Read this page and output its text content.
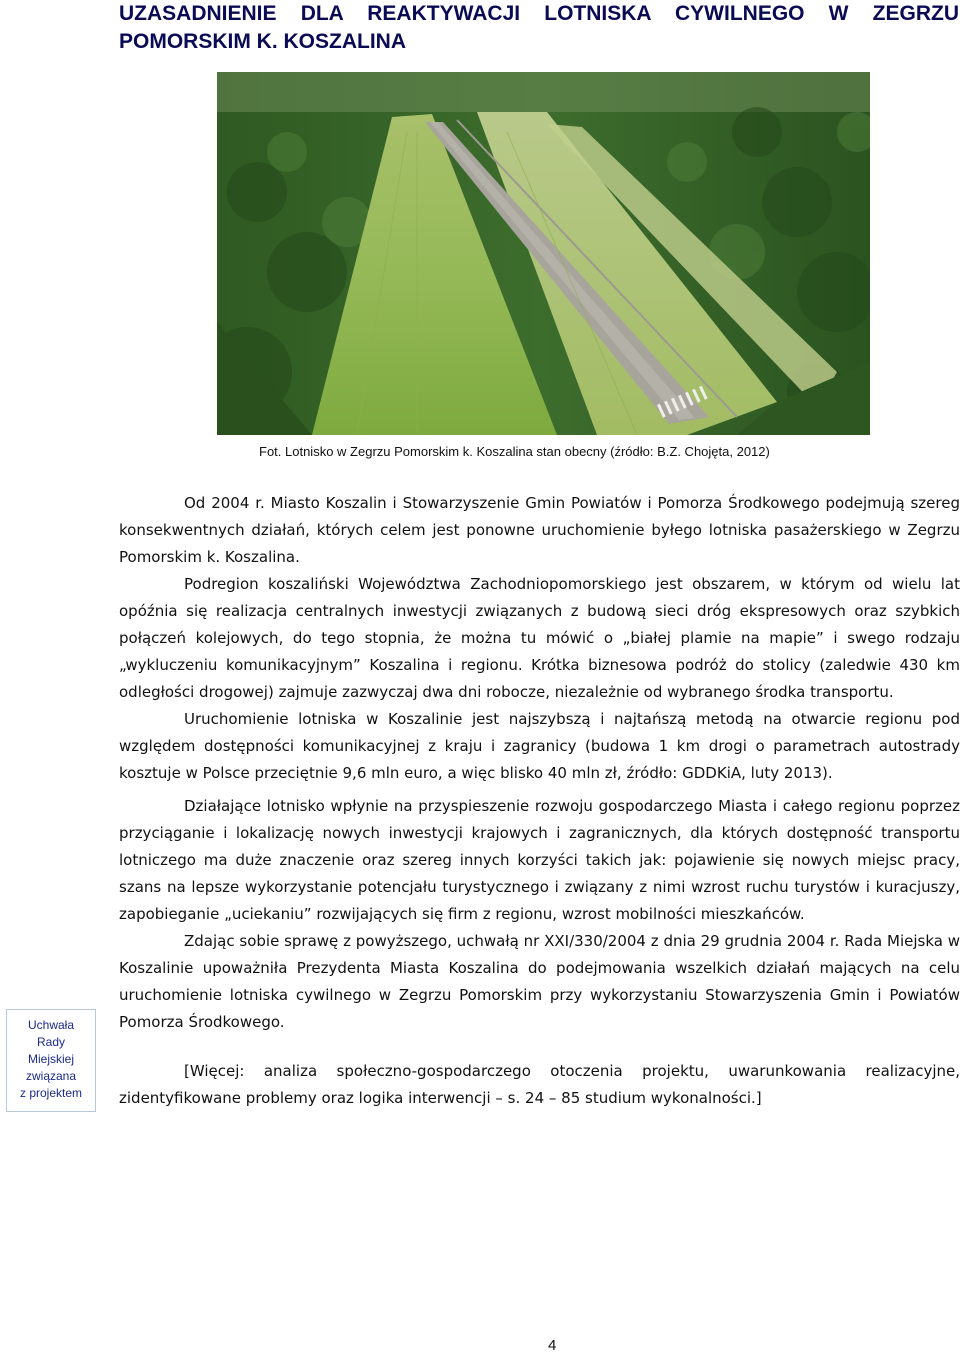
UZASADNIENIE DLA REAKTYWACJI LOTNISKA CYWILNEGO W ZEGRZU POMORSKIM K. KOSZALINA

Fot. Lotnisko w Zegrzu Pomorskim k. Koszalina stan obecny (źródło: B.Z. Chojęta, 2012)

Od 2004 r. Miasto Koszalin i Stowarzyszenie Gmin Powiatów i Pomorza Środkowego podejmują szereg konsekwentnych działań, których celem jest ponowne uruchomienie byłego lotniska pasażerskiego w Zegrzu Pomorskim k. Koszalina.

Podregion koszaliński Województwa Zachodniopomorskiego jest obszarem, w którym od wielu lat opóźnia się realizacja centralnych inwestycji związanych z budową sieci dróg ekspresowych oraz szybkich połączeń kolejowych, do tego stopnia, że można tu mówić o „białej plamie na mapie” i swego rodzaju „wykluczeniu komunikacyjnym” Koszalina i regionu. Krótka biznesowa podróż do stolicy (zaledwie 430 km odległości drogowej) zajmuje zazwyczaj dwa dni robocze, niezależnie od wybranego środka transportu.

Uruchomienie lotniska w Koszalinie jest najszybszą i najtańszą metodą na otwarcie regionu pod względem dostępności komunikacyjnej z kraju i zagranicy (budowa 1 km drogi o parametrach autostrady kosztuje w Polsce przeciętnie 9,6 mln euro, a więc blisko 40 mln zł, źródło: GDDKiA, luty 2013).

Działające lotnisko wpłynie na przyspieszenie rozwoju gospodarczego Miasta i całego regionu poprzez przyciąganie i lokalizację nowych inwestycji krajowych i zagranicznych, dla których dostępność transportu lotniczego ma duże znaczenie oraz szereg innych korzyści takich jak: pojawienie się nowych miejsc pracy, szans na lepsze wykorzystanie potencjału turystycznego i związany z nimi wzrost ruchu turystów i kuracjuszy, zapobieganie „uciekaniu” rozwijających się firm z regionu, wzrost mobilności mieszkańców.

Zdając sobie sprawę z powyższego, uchwałą nr XXI/330/2004 z dnia 29 grudnia 2004 r. Rada Miejska w Koszalinie upoważniła Prezydenta Miasta Koszalina do podejmowania wszelkich działań mających na celu uruchomienie lotniska cywilnego w Zegrzu Pomorskim przy wykorzystaniu Stowarzyszenia Gmin i Powiatów Pomorza Środkowego.

[Więcej: analiza społeczno-gospodarczego otoczenia projektu, uwarunkowania realizacyjne, zidentyfikowane problemy oraz logika interwencji – s. 24 – 85 studium wykonalności.]

Uchwała
Rady
Miejskiej
związana
z projektem
4
